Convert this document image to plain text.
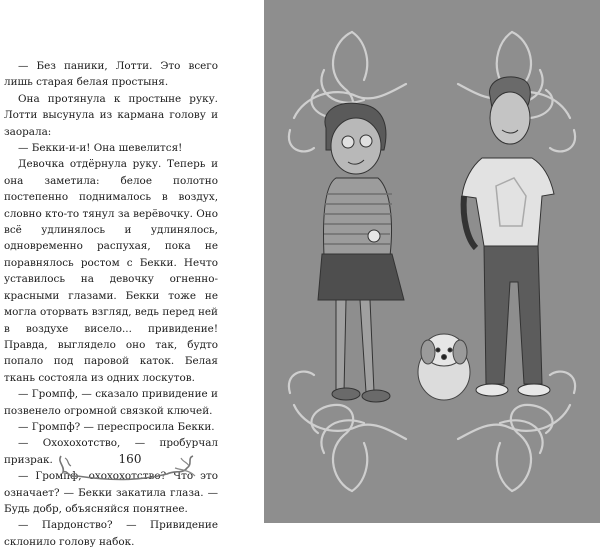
— Без паники, Лотти. Это всего лишь старая белая простыня.

Она протянула к простыне руку. Лотти высунула из кармана голову и заорала:

— Бекки-и-и! Она шевелится!

Девочка отдёрнула руку. Теперь и она заметила: белое полотно постепенно поднималось в воздух, словно кто-то тянул за верёвочку. Оно всё удлинялось и удлинялось, одновременно распухая, пока не поравнялось ростом с Бекки. Нечто уставилось на девочку огненно-красными глазами. Бекки тоже не могла оторвать взгляд, ведь перед ней в воздухе висело... привидение! Правда, выглядело оно так, будто попало под паровой каток. Белая ткань состояла из одних лоскутов.

— Громпф, — сказало привидение и позвенело огромной связкой ключей.

— Громпф? — переспросила Бекки.

— Охохохотство, — пробурчал призрак.

— Громпф, охохохотство? Что это означает? — Бекки закатила глаза. — Будь добр, объясняйся понятнее.

— Пардонство? — Привидение склонило голову набок.

160
